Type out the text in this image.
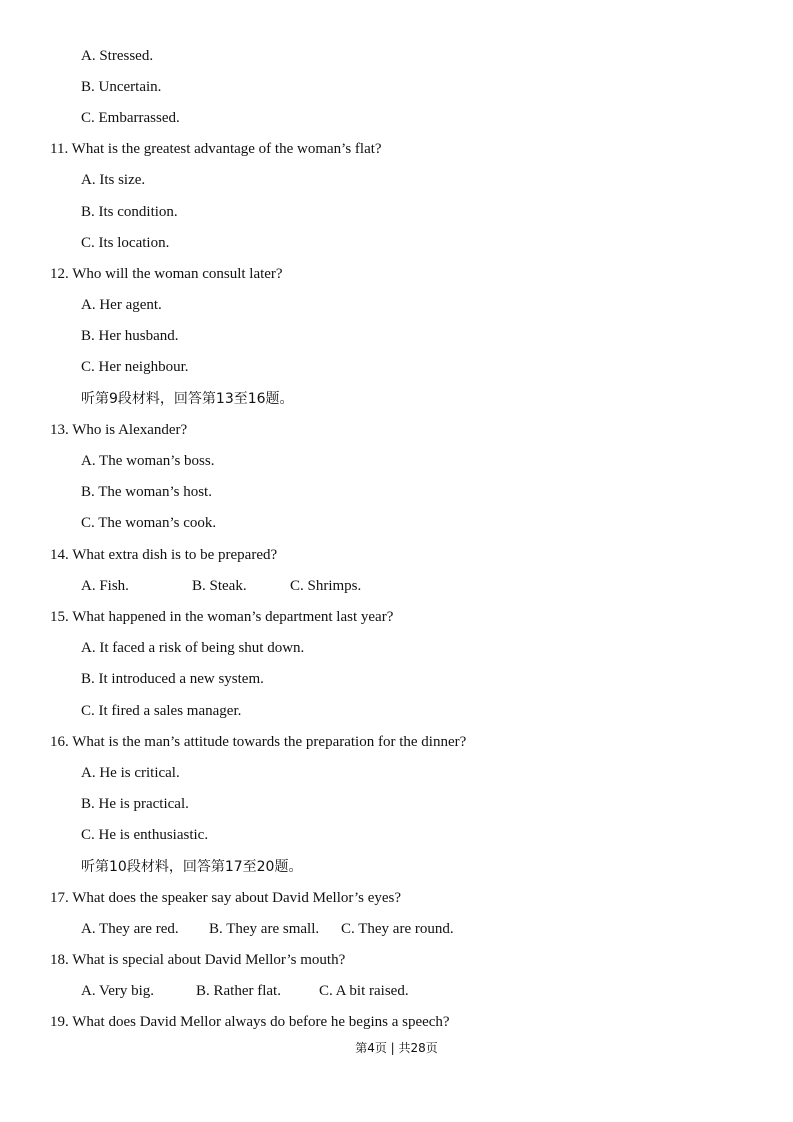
A. Stressed.
B. Uncertain.
C. Embarrassed.
11. What is the greatest advantage of the woman’s flat?
A. Its size.
B. Its condition.
C. Its location.
12. Who will the woman consult later?
A. Her agent.
B. Her husband.
C. Her neighbour.
听第9段材料，回答第13至16题。
13. Who is Alexander?
A. The woman’s boss.
B. The woman’s host.
C. The woman’s cook.
14. What extra dish is to be prepared?
A. Fish.	B. Steak.	C. Shrimps.
15. What happened in the woman’s department last year?
A. It faced a risk of being shut down.
B. It introduced a new system.
C. It fired a sales manager.
16. What is the man’s attitude towards the preparation for the dinner?
A. He is critical.
B. He is practical.
C. He is enthusiastic.
听第10段材料，回答第17至20题。
17. What does the speaker say about David Mellor’s eyes?
A. They are red. B. They are small. C. They are round.
18. What is special about David Mellor’s mouth?
A. Very big.	B. Rather flat.	C. A bit raised.
19. What does David Mellor always do before he begins a speech?
第4页 | 共28页
